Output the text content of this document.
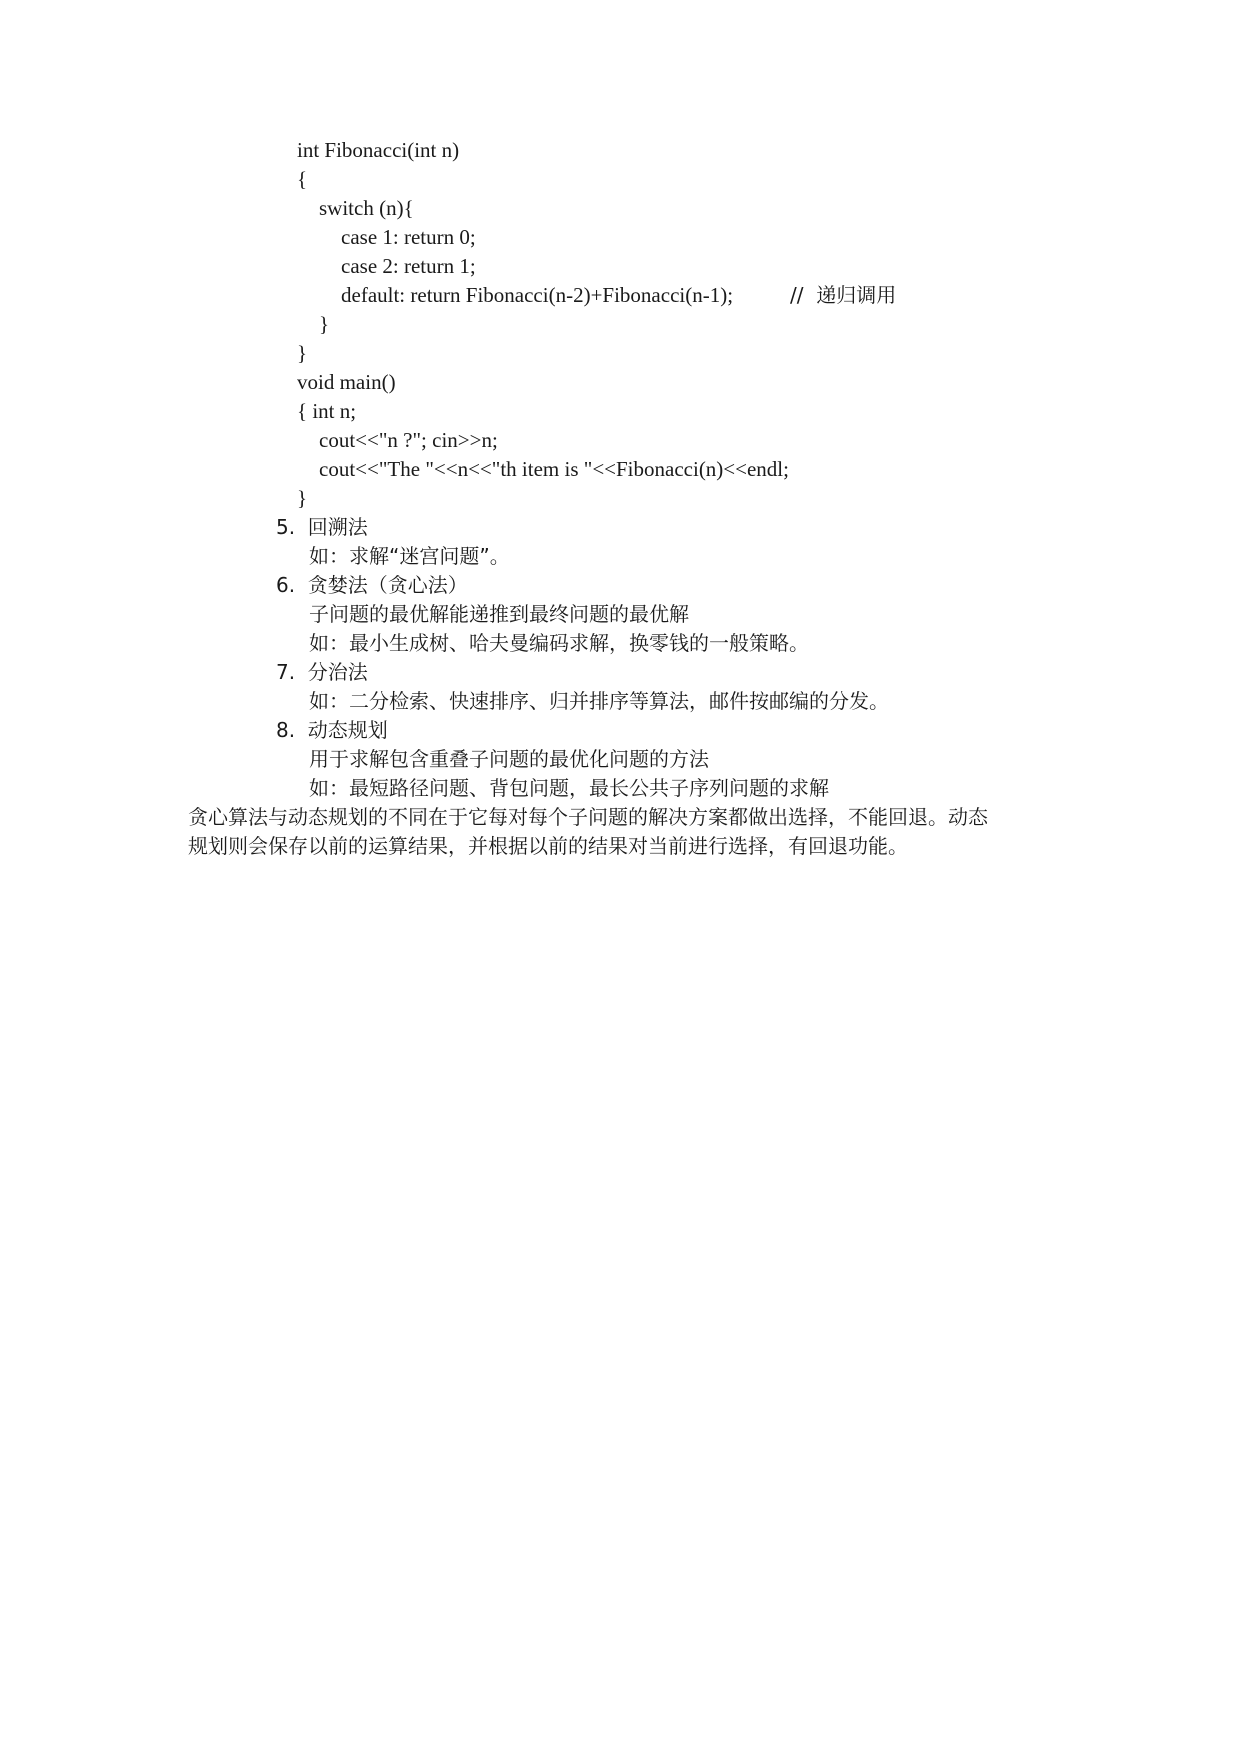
int Fibonacci(int n)
{
switch (n){
case 1: return 0;
case 2: return 1;
default: return Fibonacci(n-2)+Fibonacci(n-1);	//  递归调用
}
}
void main()
{ int n;
cout<<"n ?"; cin>>n;
cout<<"The "<<n<<"th item is "<<Fibonacci(n)<<endl;
}
5.  回溯法
如：求解“迷宫问题”。
6.  贪婪法（贪心法）
子问题的最优解能递推到最终问题的最优解
如：最小生成树、哈夫曼编码求解，换零钱的一般策略。
7.  分治法
如：二分检索、快速排序、归并排序等算法，邮件按邮编的分发。
8.  动态规划
用于求解包含重叠子问题的最优化问题的方法
如：最短路径问题、背包问题，最长公共子序列问题的求解
贪心算法与动态规划的不同在于它每对每个子问题的解决方案都做出选择，不能回退。动态
规划则会保存以前的运算结果，并根据以前的结果对当前进行选择，有回退功能。
